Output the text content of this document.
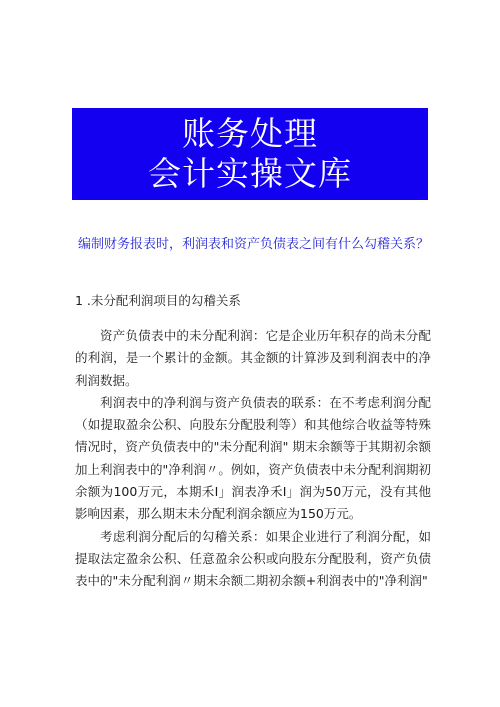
账务处理
会计实操文库
编制财务报表时，利润表和资产负债表之间有什么勾稽关系？
1 .未分配利润项目的勾稽关系

资产负债表中的未分配利润：它是企业历年积存的尚未分配的利润，是一个累计的金额。其金额的计算涉及到利润表中的净利润数据。

利润表中的净利润与资产负债表的联系：在不考虑利润分配（如提取盈余公积、向股东分配股利等）和其他综合收益等特殊情况时，资产负债表中的"未分配利润" 期末余额等于其期初余额加上利润表中的"净利润〃。例如，资产负债表中未分配利润期初余额为100万元，本期禾I」润表净禾I」润为50万元，没有其他影响因素，那么期末未分配利润余额应为150万元。

考虑利润分配后的勾稽关系：如果企业进行了利润分配，如提取法定盈余公积、任意盈余公积或向股东分配股利，资产负债表中的"未分配利润〃期末余额二期初余额+利润表中的"净利润"
